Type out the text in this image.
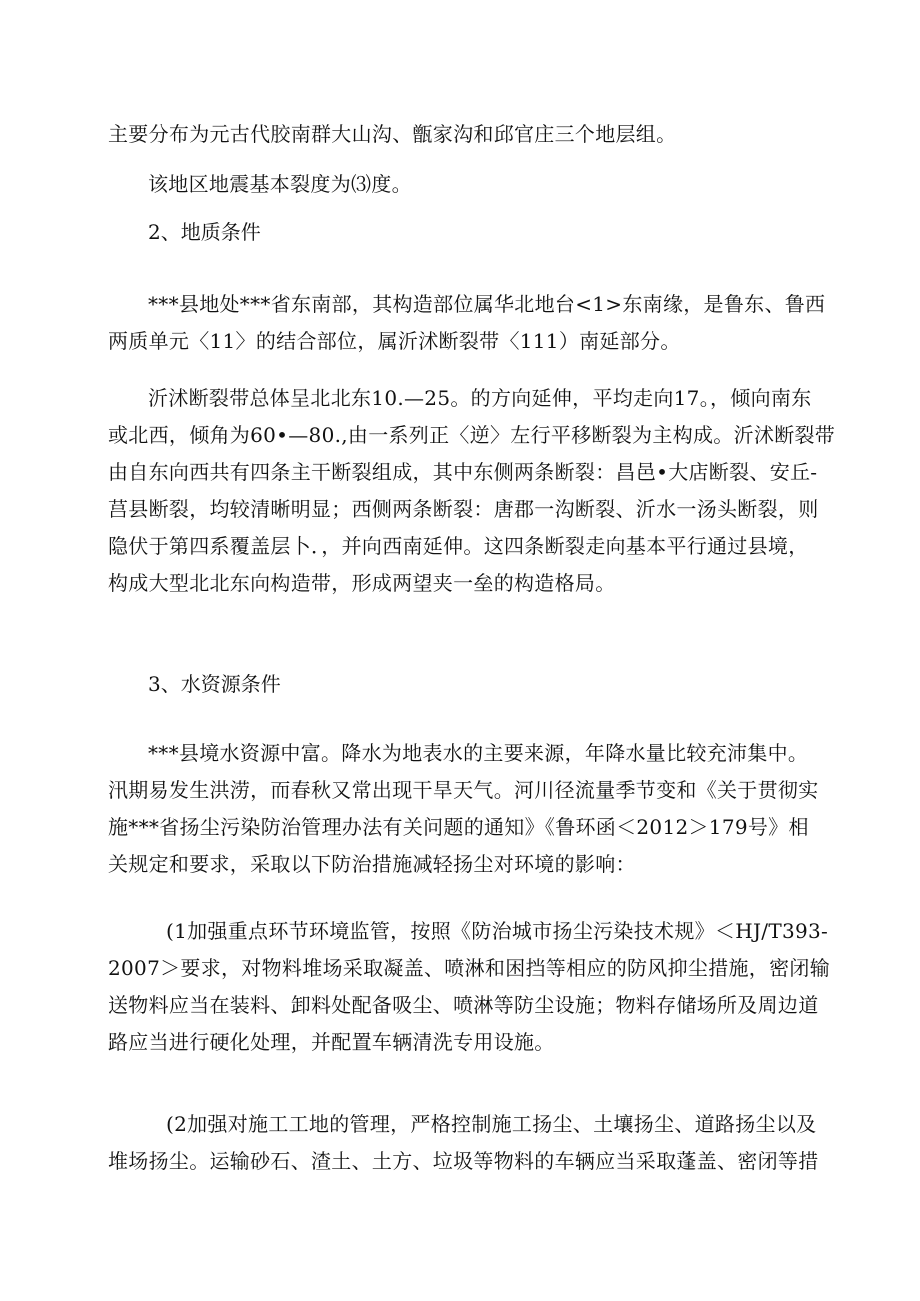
主要分布为元古代胶南群大山沟、甑家沟和邱官庄三个地层组。
该地区地震基本裂度为⑶度。
2、地质条件
***县地处***省东南部，其构造部位属华北地台<1>东南缘，是鲁东、鲁西
两质单元〈11〉的结合部位，属沂沭断裂带〈111）南延部分。
沂沭断裂带总体呈北北东10.—25。的方向延伸，平均走向17。，倾向南东
或北西，倾角为60•—80.,由一系列正〈逆〉左行平移断裂为主构成。沂沭断裂带
由自东向西共有四条主干断裂组成，其中东侧两条断裂：昌邑•大店断裂、安丘-
莒县断裂，均较清晰明显；西侧两条断裂：唐郡一沟断裂、沂水一汤头断裂，则
隐伏于第四系覆盖层卜．，并向西南延伸。这四条断裂走向基本平行通过县境，
构成大型北北东向构造带，形成两望夹一垒的构造格局。
3、水资源条件
***县境水资源中富。降水为地表水的主要来源，年降水量比较充沛集中。
汛期易发生洪涝，而春秋又常出现干旱天气。河川径流量季节变和《关于贯彻实
施***省扬尘污染防治管理办法有关问题的通知》《鲁环函＜2012＞179号》相
关规定和要求，采取以下防治措施减轻扬尘对环境的影响：
(1加强重点环节环境监管，按照《防治城市扬尘污染技术规》＜HJ∕T393-
2007＞要求，对物料堆场采取凝盖、喷淋和困挡等相应的防风抑尘措施，密闭输
送物料应当在装料、卸料处配备吸尘、喷淋等防尘设施；物料存储场所及周边道
路应当进行硬化处理，并配置车辆清洗专用设施。
(2加强对施工工地的管理，严格控制施工扬尘、土壤扬尘、道路扬尘以及
堆场扬尘。运输砂石、渣土、土方、垃圾等物料的车辆应当采取蓬盖、密闭等措
